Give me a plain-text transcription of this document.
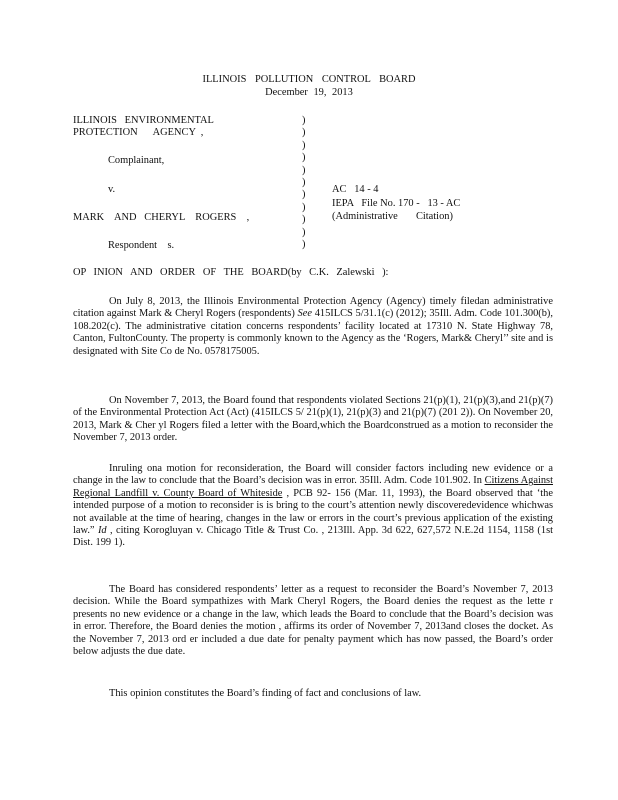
ILLINOIS POLLUTION CONTROL BOARD
December 19, 2013
ILLINOIS   ENVIRONMENTAL
PROTECTION      AGENCY  ,
Complainant,
v.
MARK    AND   CHERYL    ROGERS    ,
Respondent    s.
)
)
)
)
)
)
)
)
)
)
)
AC   14 - 4
IEPA   File No. 170 -   13 - AC
(Administrative       Citation)
OP INION AND ORDER OF THE BOARD(by C.K. Zalewski ):
On July 8, 2013, the Illinois Environmental Protection Agency (Agency) timely filedan administrative citation against Mark & Cheryl Rogers (respondents) See 415ILCS 5/31.1(c) (2012); 35Ill. Adm. Code 101.300(b), 108.202(c). The administrative citation concerns respondents’ facility located at 17310 N. State Highway 78, Canton, FultonCounty. The property is commonly known to the Agency as the ‘Rogers, Mark& Cheryl’’ site and is designated with Site Co de No. 0578175005.
On November 7, 2013, the Board found that respondents violated Sections 21(p)(1), 21(p)(3),and 21(p)(7) of the Environmental Protection Act (Act) (415ILCS 5/ 21(p)(1), 21(p)(3) and 21(p)(7) (201 2)). On November 20, 2013, Mark & Cher yl Rogers filed a letter with the Board,which the Boardconstrued as a motion to reconsider the November 7, 2013 order.
Inruling ona motion for reconsideration, the Board will consider factors including new evidence or a change in the law to conclude that the Board’s decision was in error. 35Ill. Adm. Code 101.902. In Citizens Against Regional Landfill v. County Board of Whiteside , PCB 92- 156 (Mar. 11, 1993), the Board observed that ‘the intended purpose of a motion to reconsider is is bring to the court’s attention newly discoveredevidence whichwas not available at the time of hearing, changes in the law or errors in the court’s previous application of the existing law.” Id , citing Korogluyan v. Chicago Title & Trust Co. , 213Ill. App. 3d 622, 627,572 N.E.2d 1154, 1158 (1st Dist. 199 1).
The Board has considered respondents’ letter as a request to reconsider the Board’s November 7, 2013 decision. While the Board sympathizes with Mark Cheryl Rogers, the Board denies the request as the lette r presents no new evidence or a change in the law, which leads the Board to conclude that the Board’s decision was in error. Therefore, the Board denies the motion , affirms its order of November 7, 2013and closes the docket. As the November 7, 2013 ord er included a due date for penalty payment which has now passed, the Board’s order below adjusts the due date.
This opinion constitutes the Board’s finding of fact and conclusions of law.
